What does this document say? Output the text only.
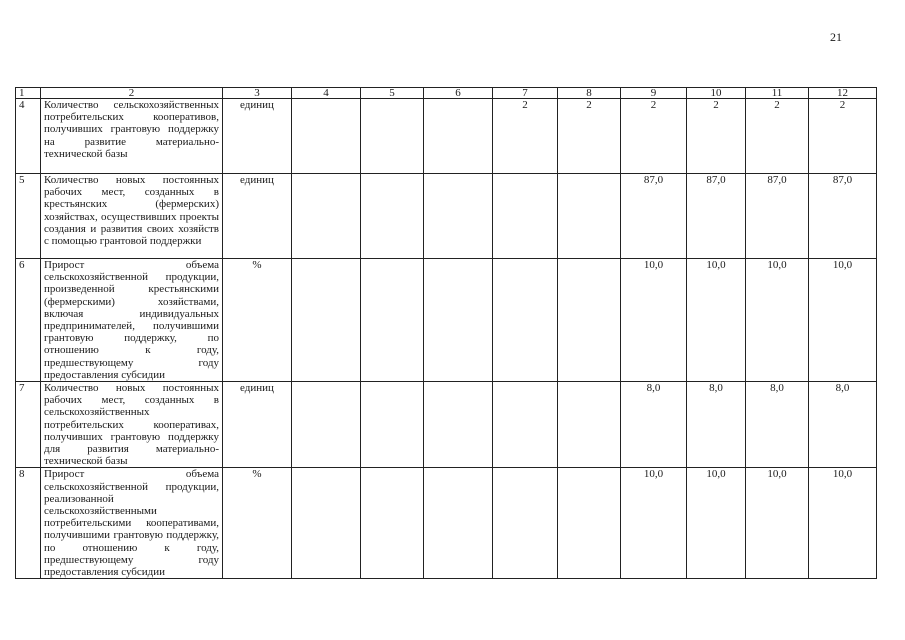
21
1	2	3	4	5	6	7	8	9	10	11	12
4	Количество сельскохозяйственных потребительских кооперативов, получивших грантовую поддержку на развитие материально-технической базы	единиц				2	2	2	2	2	2
5	Количество новых постоянных рабочих мест, созданных в крестьянских (фермерских) хозяйствах, осуществивших проекты создания и развития своих хозяйств с помощью грантовой поддержки	единиц						87,0	87,0	87,0	87,0
6	Прирост объема сельскохозяйственной продукции, произведенной крестьянскими (фермерскими) хозяйствами, включая индивидуальных предпринимателей, получившими грантовую поддержку, по отношению к году, предшествующему году предоставления субсидии	%						10,0	10,0	10,0	10,0
7	Количество новых постоянных рабочих мест, созданных в сельскохозяйственных потребительских кооперативах, получивших грантовую поддержку для развития материально-технической базы	единиц						8,0	8,0	8,0	8,0
8	Прирост объема сельскохозяйственной продукции, реализованной сельскохозяйственными потребительскими кооперативами, получившими грантовую поддержку, по отношению к году, предшествующему году предоставления субсидии	%						10,0	10,0	10,0	10,0
